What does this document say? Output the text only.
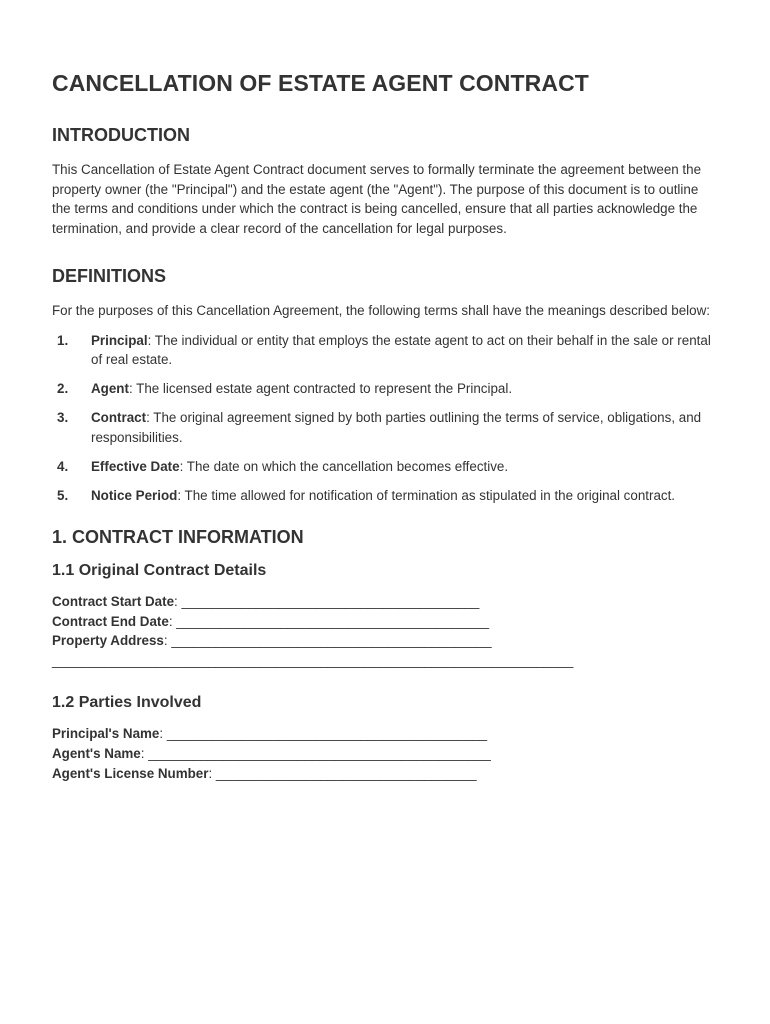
CANCELLATION OF ESTATE AGENT CONTRACT
INTRODUCTION

This Cancellation of Estate Agent Contract document serves to formally terminate the agreement between the property owner (the "Principal") and the estate agent (the "Agent"). The purpose of this document is to outline the terms and conditions under which the contract is being cancelled, ensure that all parties acknowledge the termination, and provide a clear record of the cancellation for legal purposes.

DEFINITIONS

For the purposes of this Cancellation Agreement, the following terms shall have the meanings described below:

1. Principal: The individual or entity that employs the estate agent to act on their behalf in the sale or rental of real estate.
2. Agent: The licensed estate agent contracted to represent the Principal.
3. Contract: The original agreement signed by both parties outlining the terms of service, obligations, and responsibilities.
4. Effective Date: The date on which the cancellation becomes effective.
5. Notice Period: The time allowed for notification of termination as stipulated in the original contract.
1. CONTRACT INFORMATION
1.1 Original Contract Details
Contract Start Date: ________________________________________
Contract End Date: __________________________________________
Property Address: ___________________________________________
______________________________________________________________________
1.2 Parties Involved
Principal's Name: ___________________________________________
Agent's Name: ______________________________________________
Agent's License Number: ___________________________________
